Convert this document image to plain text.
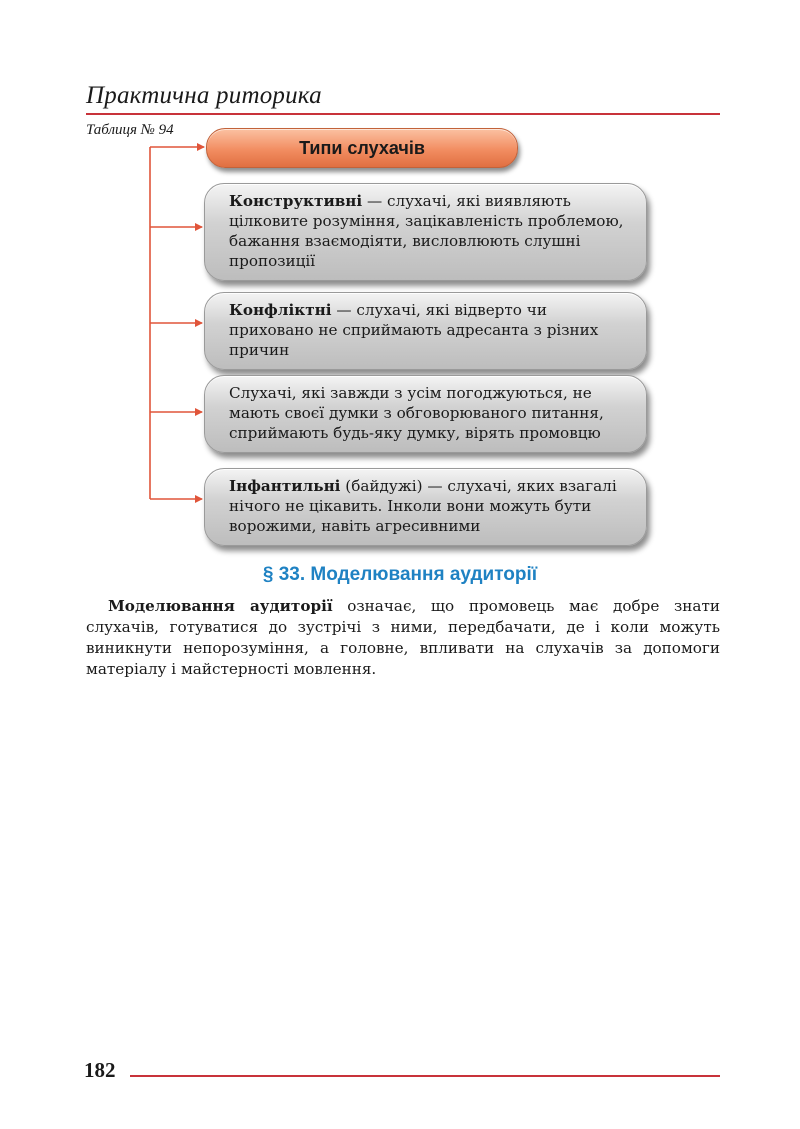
Практична риторика
Таблиця № 94
Типи слухачів
Конструктивні — слухачі, які виявляють цілковите розуміння, зацікавленість проблемою, бажання взаємодіяти, висловлюють слушні пропозиції
Конфліктні — слухачі, які відверто чи приховано не сприймають адресанта з різних причин
Слухачі, які завжди з усім погоджуються, не мають своєї думки з обговорюваного питання, сприймають будь-яку думку, вірять промовцю
Інфантильні (байдужі) — слухачі, яких взагалі нічого не цікавить. Інколи вони можуть бути ворожими, навіть агресивними
§ 33. Моделювання аудиторії

Моделювання аудиторії означає, що промовець має добре знати слухачів, готуватися до зустрічі з ними, передбачати, де і коли можуть виникнути непорозуміння, а головне, впливати на слухачів за допомоги матеріалу і майстерності мовлення.

182
